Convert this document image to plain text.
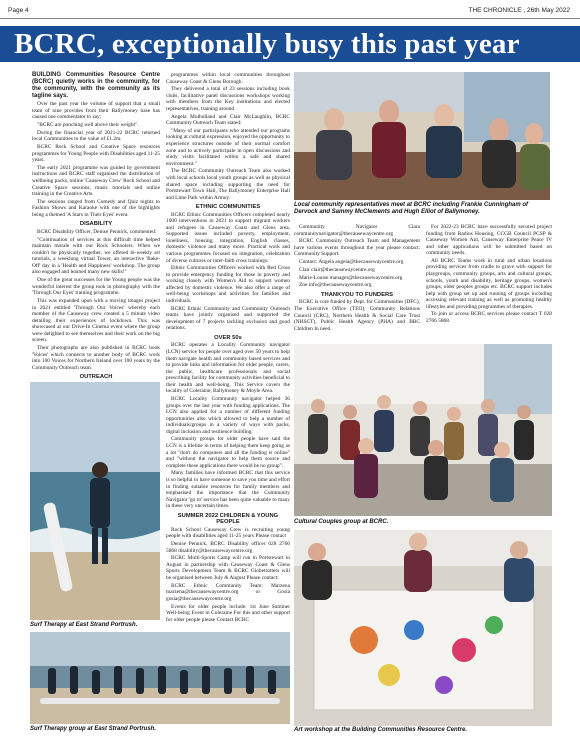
Page 4	THE CHRONICLE , 26th May 2022
BCRC, exceptionally busy this past year

BUILDING Communities Resource Centre (BCRC) quietly works in the community, for the community, with the community as its tagline says.

Over the past year the volume of support that a small team of nine provides from their Ballymoney base has caused one commentator to say:

"BCRC are punching well above their weight".

During the financial year of 2021-22 BCRC returned local Communities to the value of £1.2m.

BCRC Rock School and Creative Space resources programmes for Young People with Disabilities aged 11-25 years.

The early 2021 programme was guided by government instructions and BCRC staff organised the distribution of wellbeing packs, online 'Causeway Crew' Rock School and Creative Space sessions, music tutorials and online training in the Creative Arts.

The sessions ranged from Comedy and Quiz nights to Fashion Shows and Karaoke with one of the highlights being a themed 'A Stars in Their Eyes' event.

DISABILITY

BCRC Disability Officer, Denise Pennick, commented:

"Continuation of services at this difficult time helped maintain morale with our Rock Schoolers. When we couldn't be physically together, we offered bi-weekly art tutorials, a weeklong virtual Tower, an interactive 'Bake-Off' day in a 'Health and Happiness' workshop. The group also engaged and learned many new skills!"

One of the great successes for the Young people was the wonderful interest the group took in photography with the 'Through Our Eyes' training programme.

This was expanded upon with a moving images project in 2021 entitled 'Through Our Voices' whereby each member of the Causeway crew created a 5 minute video detailing their experiences of lockdown. This was showcased at our Drive-In Cinema event where the group were delighted to see themselves and their work on the big screen.

Their photographs are also published in BCRC book 'Voices' which connects to another body of BCRC work into 100 Voices for Northern Ireland over 100 years by the Community Outreach team.

OUTREACH

programmes within local communities throughout Causeway Coast & Glens Borough.

They delivered a total of 23 sessions including book clubs, facilitative panel discussions workshops working with members from the Key institutions and elected representatives, training around

Angela Mulholland and Clair McLaughlin, BCRC Community Outreach Team stated:

"Many of our participants who attended our programs looking at cultural expression, enjoyed the opportunity to experience structures outside of their normal comfort zone and to actively participate in open discussions and study visits facilitated within a safe and shared environment."

The BCRC Community Outreach Team also worked with local schools local youth groups as well as physical shared space including supporting the need for Portstewart Town Hall, The Ballymoney Enterprise Hall and Lime Park within Armoy.

ETHNIC COMMUNITIES

BCRC Ethnic Communities Officers completed nearly 1000 interventions in 2021 to support migrant workers and refugees in Causeway Coast and Glens area. Supported issues included poverty, employment, loneliness, housing, integration, English classes, domestic violence and many more. Practical work and various programmes focused on integration, celebration of diverse cultures or inter-faith cross trainings.

Ethnic Communities Officers worked with Red Cross to provide emergency funding for those in poverty and working closely with Women's Aid to support women affected by domestic violence. We also offer a range of well-being workshops and activities for families and individuals.

BCRC Ethnic Community and Community Outreach teams have jointly organised and supported the development of 7 projects tackling exclusion and good relations.

OVER 50s

BCRC operates a Locality Community navigator (LCN) service for people over aged over 50 years to help them navigate health and community based services and to provide links and information for older people, carers, the public, healthcare professionals and social prescribing facility for community activities beneficial to their health and well-being. This Service covers the locality of Coleraine, Ballymoney & Moyle Area.

BCRC Locality Community navigator helped 36 groups over the last year with funding applications. The LCN also applied for a number of different funding opportunities also which allowed to help a number of individuals/groups in a variety of ways with packs, digital inclusion and resilience building.

Community groups for older people have said the LCN is a lifeline in terms of helping them keep going as a lot "don't do computers and all the funding is online" and "without the navigator to help them source and complete these applications there would be no group".

Many families have informed BCRC that this service is so helpful to have someone to save you time and effort in finding suitable resources for family members and emphasised the importance that the Community Navigator 'go to' service has been quite valuable to many in these very uncertain times.

SUMMER 2022 CHILDREN & YOUNG PEOPLE

Rock School Causeway Crew is recruiting young people with disabilities aged 11-25 years Please contact

Denise Pennick, BCRC Disability officer 028 2766 5868 disability@thecausewaycentre.org

BCRC Multi-Sports Camp will run in Portstewart in August in partnership with Causeway Coast & Glens Sports Development Team & BCRC Globetrotters will be organised between July & August Please contact:

BCRC Ethnic Community Team: Marzena marzena@thecausewaycentre.org or Gosia gosia@thecausewaycentre.org

Events for older people include: 1st June Summer Well-being Event in Coleraine For this and other support for older people please Contact BCRC

Local community representatives meet at BCRC including Frankie Cunningham of Dervock and Sammy McClements and Hugh Elliot of Ballymoney.

Community Navigator Ciara communitynavigator@thecausewaycentre.org

BCRC Community Outreach Team and Management have various events throughout the year please contact: Community Support:

Contact: Angela angela@thecausewaycentre.org

Clair clair@thecausewaycentre.org

Marie-Louise manager@thecausewaycentre.org

Zoe info@thecausewaycentre.org

THANKYOU TO FUNDERS

BCRC is core funded by Dept. for Communities (DFC), The Executive Office (TEO), Community Relations Council (CRC), Northern Health & Social Care Trust (NHSCT), Public Health Agency (PHA) and BBC Children In need.

For 2022-23 BCRC have successfully secured project funding from Radius Housing, CCGB Council PCSP & Causeway Women Aid, Causeway Enterprise Peace IV and other applications will be submitted based on community needs.

All BCRC Teams work in rural and urban locations providing services from cradle to grave with support for playgroups, community groups, arts and cultural groups, schools, youth and disability, heritage groups, women's groups, older peoples groups etc. BCRC support includes help with group set up and running of groups including accessing relevant training as well as promoting healthy lifestyles and providing programmes of therapies.

To join or access BCRC services please contact T 028 2766 5868.

Cultural Couples group at BCRC.
Surf Therapy at East Strand Portrush.
Surf Therapy group at East Strand Portrush.	Art workshop at the Building Communities Resource Centre.
